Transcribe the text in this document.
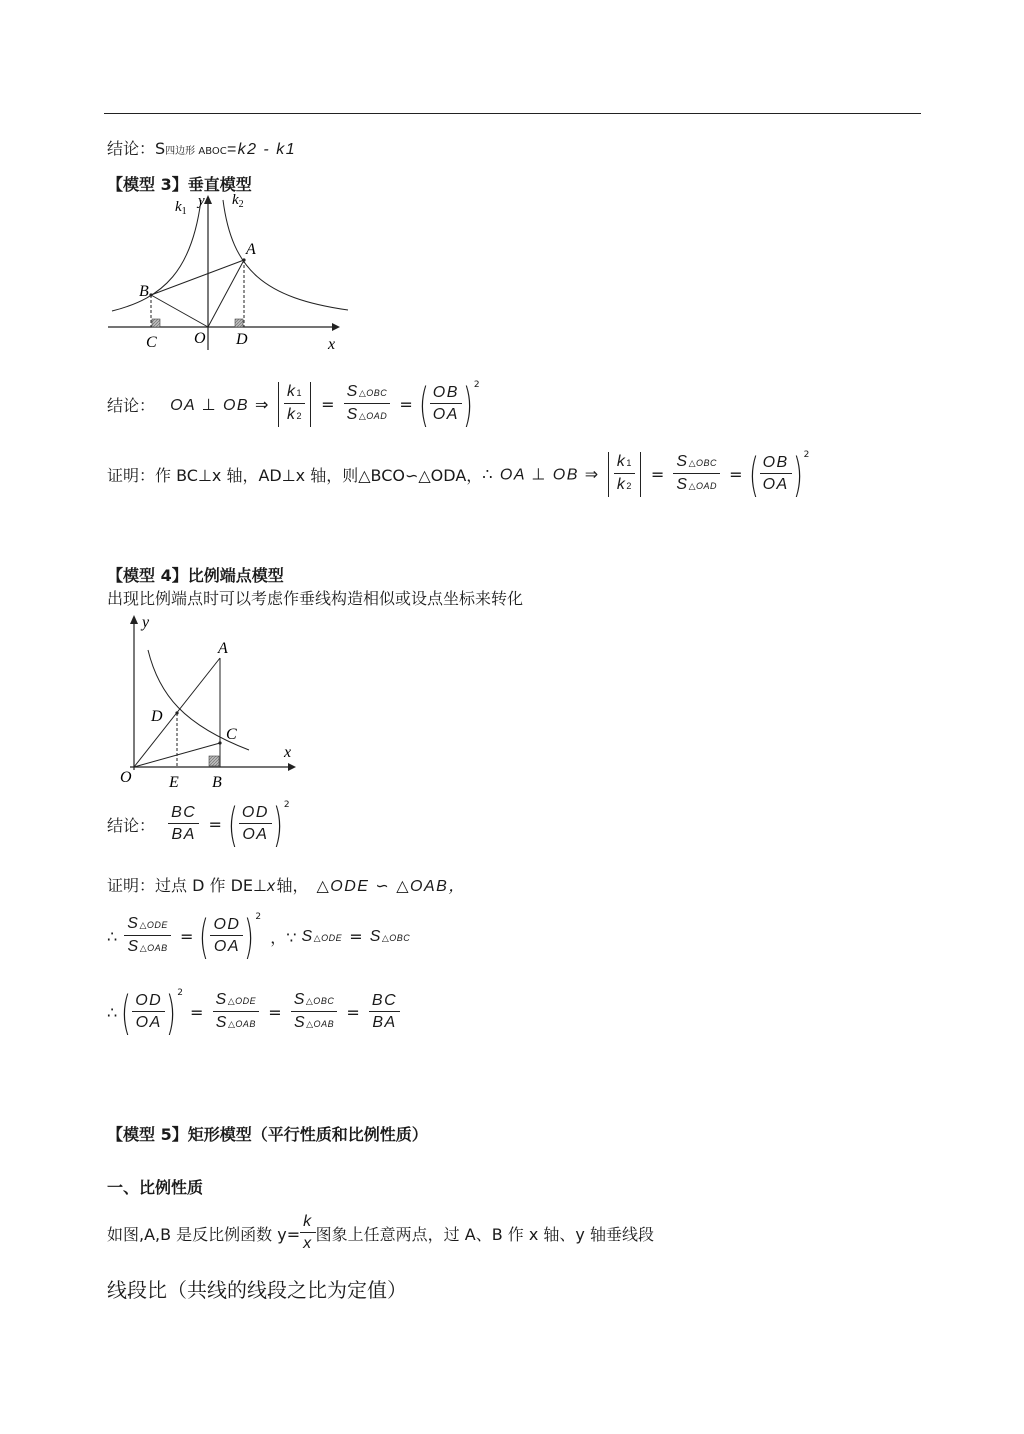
结论：S四边形 ABOC=k2 - k1
【模型 3】垂直模型
$k_1$
y $k_2$
A
B
C O D	x
结论： OA ⊥ OB ⇒ $\frac{k1}{k2} = \frac{\text{S△OBC}}{\text{S△OAD}}$ = ( $\frac{OB}{OA} )^2$
证明：作 BC⊥x 轴，AD⊥x 轴，则△BCO∽△ODA，∴ OA ⊥ OB ⇒ $\frac{k1}{k2} = \frac{\text{S△OBC}}{\text{S△OAD}}$ = ( $\frac{OB}{OA} )^2$
【模型 4】比例端点模型
出现比例端点时可以考虑作垂线构造相似或设点坐标来转化
y
A
D
C
x
O E B
结论： $\frac{BC}{BA}$ = ( $\frac{OD}{OA} )^2$
证明：过点 D 作 DE⊥x轴， △ODE ∽ △OAB，
∴ $\frac{\text{S△ODE}}{\text{S△OAB}}$ = ( $\frac{OD}{OA} )^2$ ，∵ S△ODE = S△OBC
∴ ( $\frac{OD}{OA} )^2 = \frac{\text{S△ODE}}{\text{S△OAB}} = \frac{\text{S△OBC}}{\text{S△OAB}} = \frac{BC}{BA}$
【模型 5】矩形模型（平行性质和比例性质）
一、比例性质
如图,A,B 是反比例函数 $y= \frac{k}{x}$ 图象上任意两点，过 A、B 作 x 轴、y 轴垂线段
线段比（共线的线段之比为定值）
